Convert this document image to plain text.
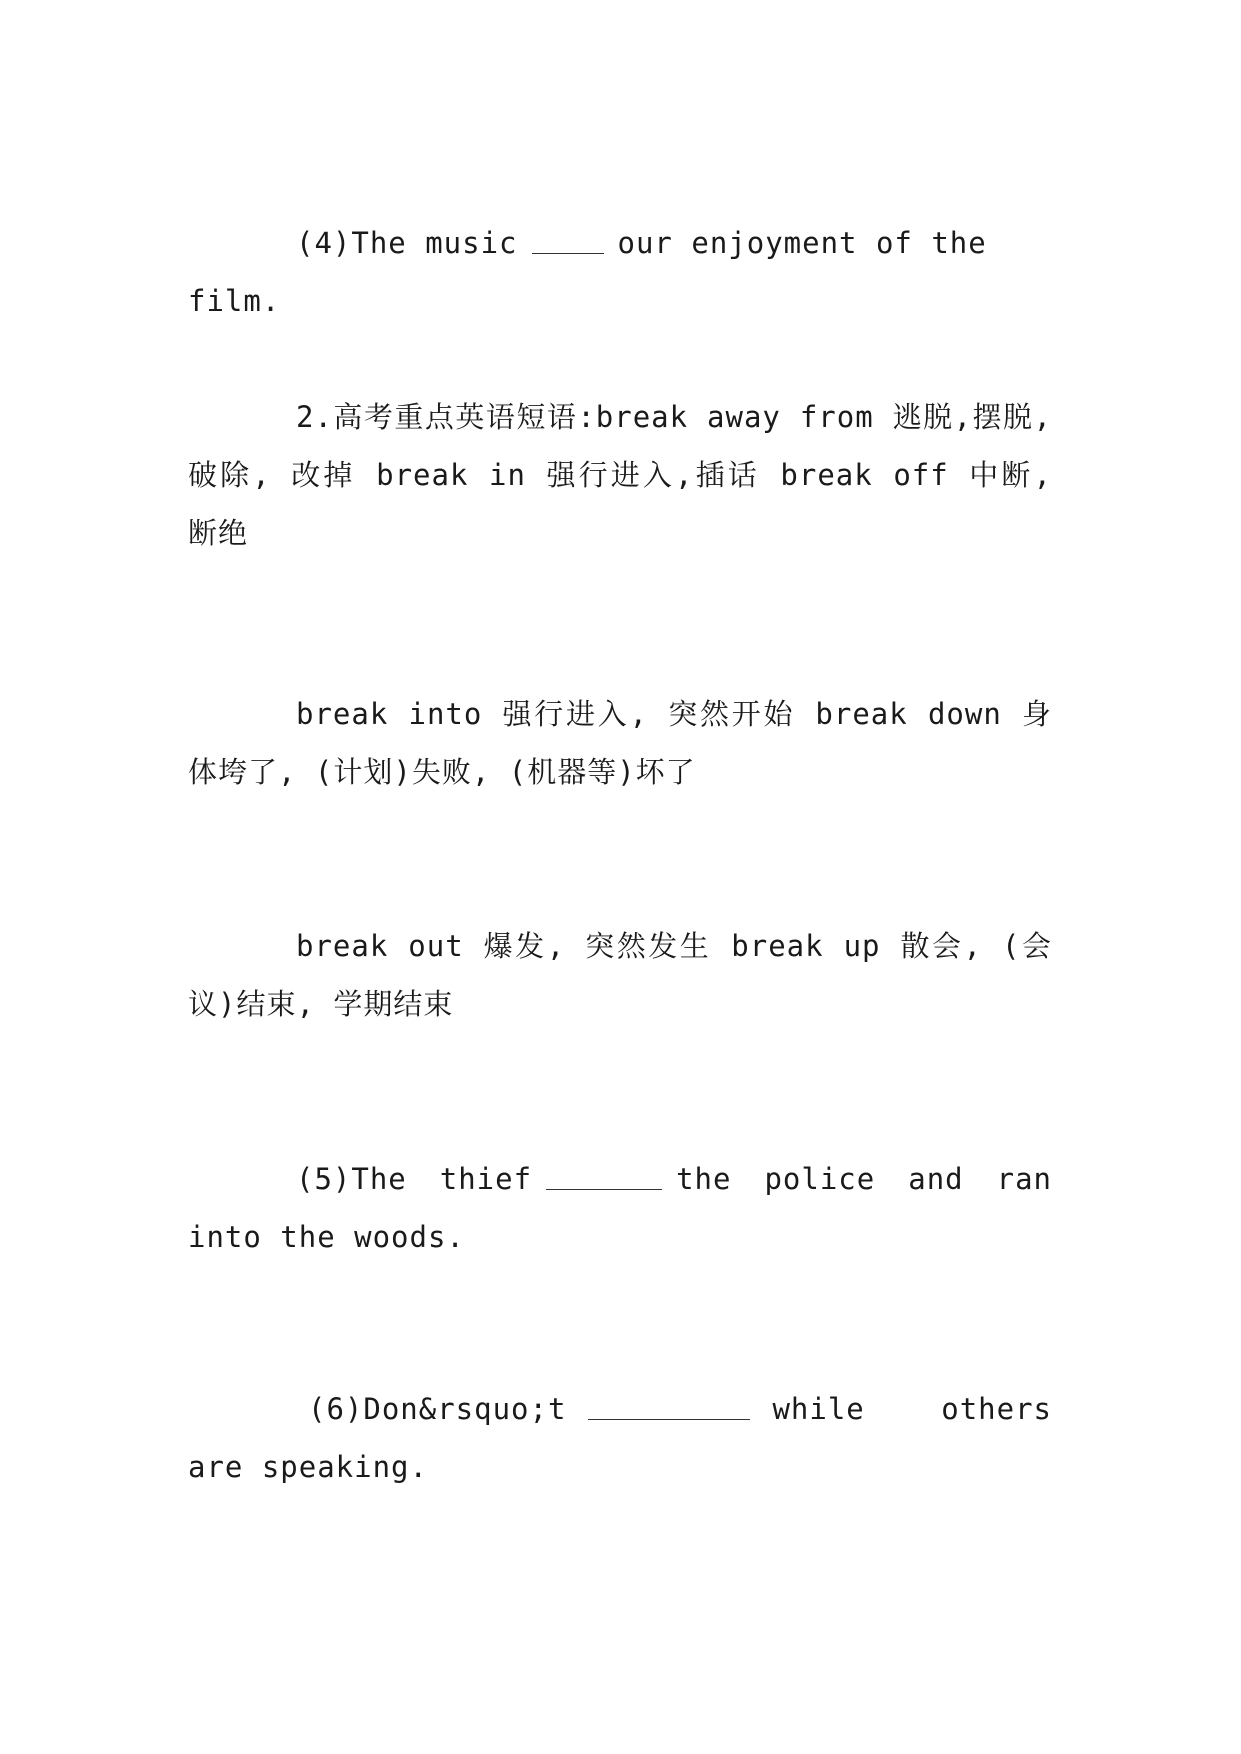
(4)The music	our enjoyment of the film.
2.高考重点英语短语:break away from 逃脱,摆脱,破除, 改掉 break in 强行进入,插话 break off 中断, 断绝
break into 强行进入, 突然开始 break down 身体垮了, (计划)失败, (机器等)坏了
break out 爆发, 突然发生 break up 散会, (会议)结束, 学期结束
(5)The thief	the police and ran into the woods.
(6)Don&rsquo;t	while others are speaking.
